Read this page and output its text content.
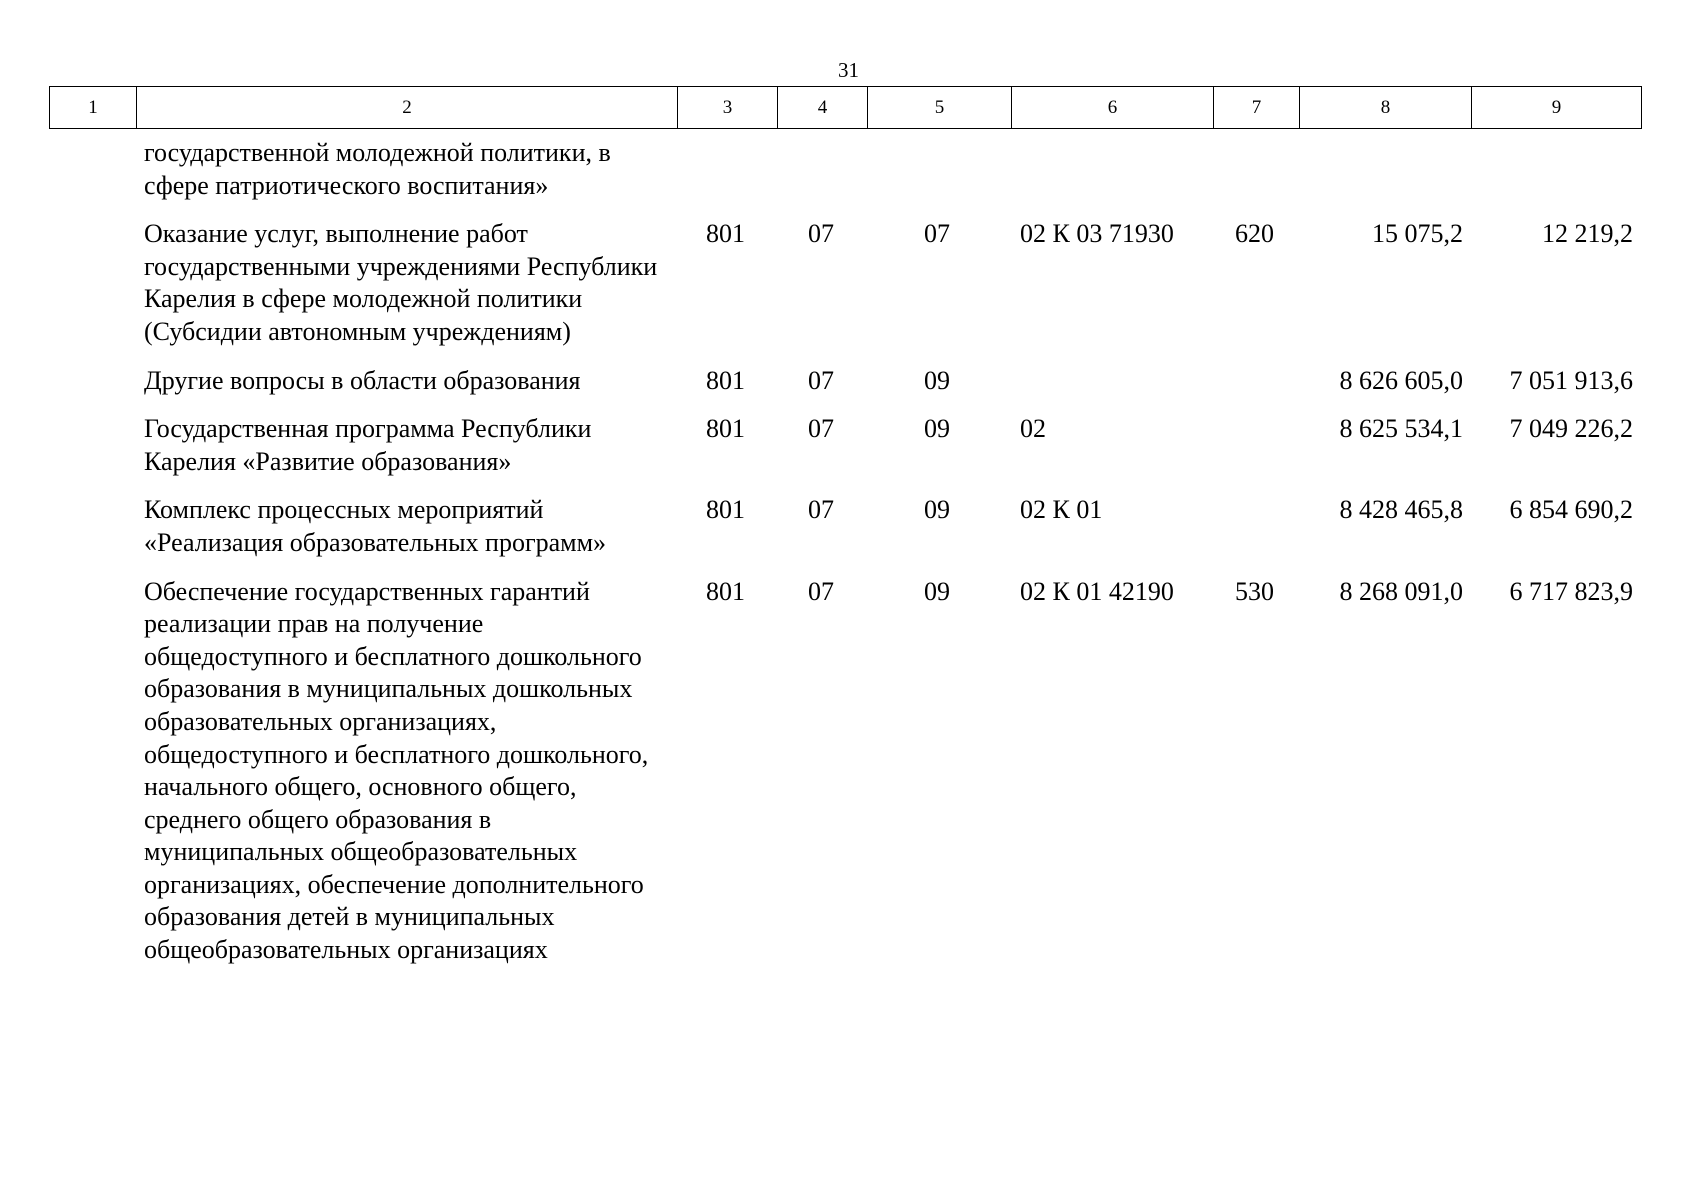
31
1	2	3	4	5	6	7	8	9
государственной молодежной политики, в сфере патриотического воспитания»							
Оказание услуг, выполнение работ государственными учреждениями Республики Карелия в сфере молодежной политики (Субсидии автономным учреждениям)	801	07	07	02 К 03 71930	620	15 075,2	12 219,2
Другие вопросы в области образования	801	07	09			8 626 605,0	7 051 913,6
Государственная программа Республики Карелия «Развитие образования»	801	07	09	02		8 625 534,1	7 049 226,2
Комплекс процессных мероприятий «Реализация образовательных программ»	801	07	09	02 К 01		8 428 465,8	6 854 690,2
Обеспечение государственных гарантий реализации прав на получение общедоступного и бесплатного дошкольного образования в муниципальных дошкольных образовательных организациях, общедоступного и бесплатного дошкольного, начального общего, основного общего, среднего общего образования в муниципальных общеобразовательных организациях, обеспечение дополнительного образования детей в муниципальных общеобразовательных организациях	801	07	09	02 К 01 42190	530	8 268 091,0	6 717 823,9
